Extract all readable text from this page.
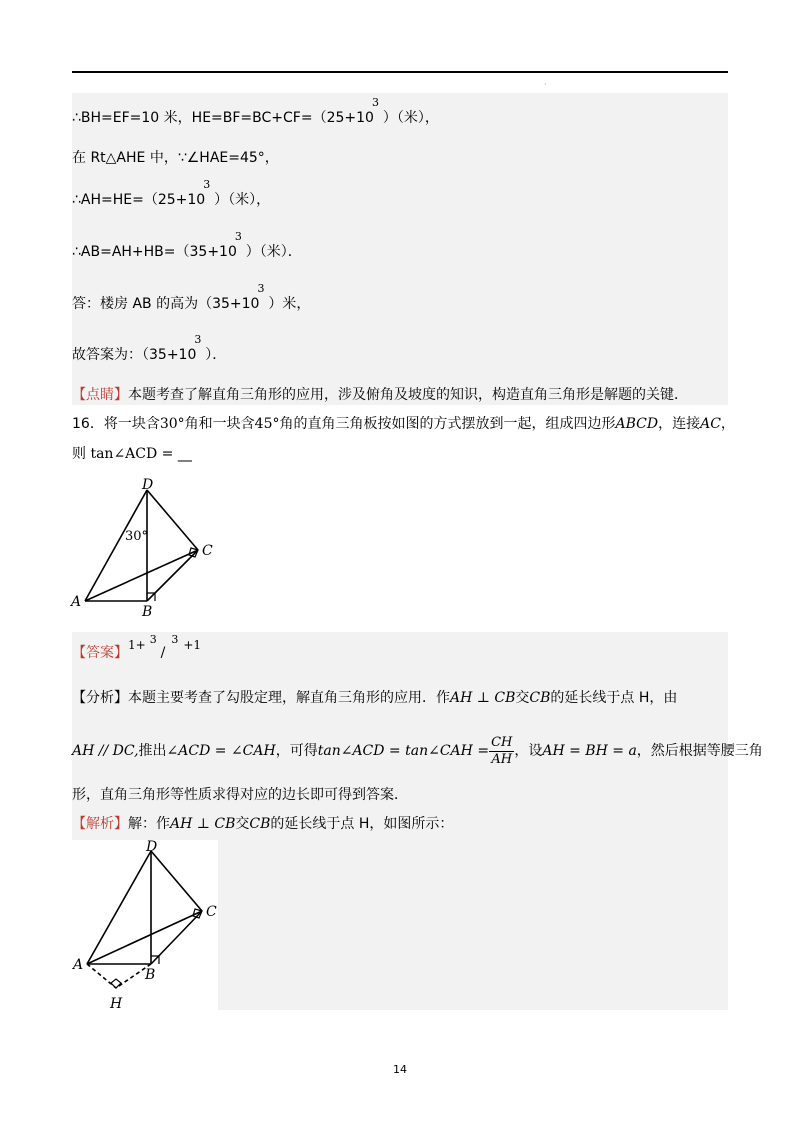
·
∴BH=EF=10 米，HE=BF=BC+CF=（25+10
3
）（米），
在 Rt△AHE 中，∵∠HAE=45°，
∴AH=HE=（25+10
3
）（米），
∴AB=AH+HB=（35+10
3
）（米）．
答：楼房 AB 的高为（35+10
3
）米，
故答案为：（35+10
3
）．
【点睛】本题考查了解直角三角形的应用，涉及俯角及坡度的知识，构造直角三角形是解题的关键．
16．将一块含30°角和一块含45°角的直角三角板按如图的方式摆放到一起，组成四边形ABCD，连接AC，
则 tan∠ACD = __
D
A
B
C
30°
【答案】1+ 3
/
3 +1
【分析】本题主要考查了勾股定理，解直角三角形的应用．作AH ⊥ CB交CB的延长线于点 H，由
AH // DC,推出∠ACD = ∠CAH，可得tan∠ACD = tan∠CAH = $\frac{CH}{AH}$ ，设AH = BH = a，然后根据等腰三角
形，直角三角形等性质求得对应的边长即可得到答案．
【解析】解：作AH ⊥ CB交CB的延长线于点 H，如图所示：
D
A
B
C
H
14
